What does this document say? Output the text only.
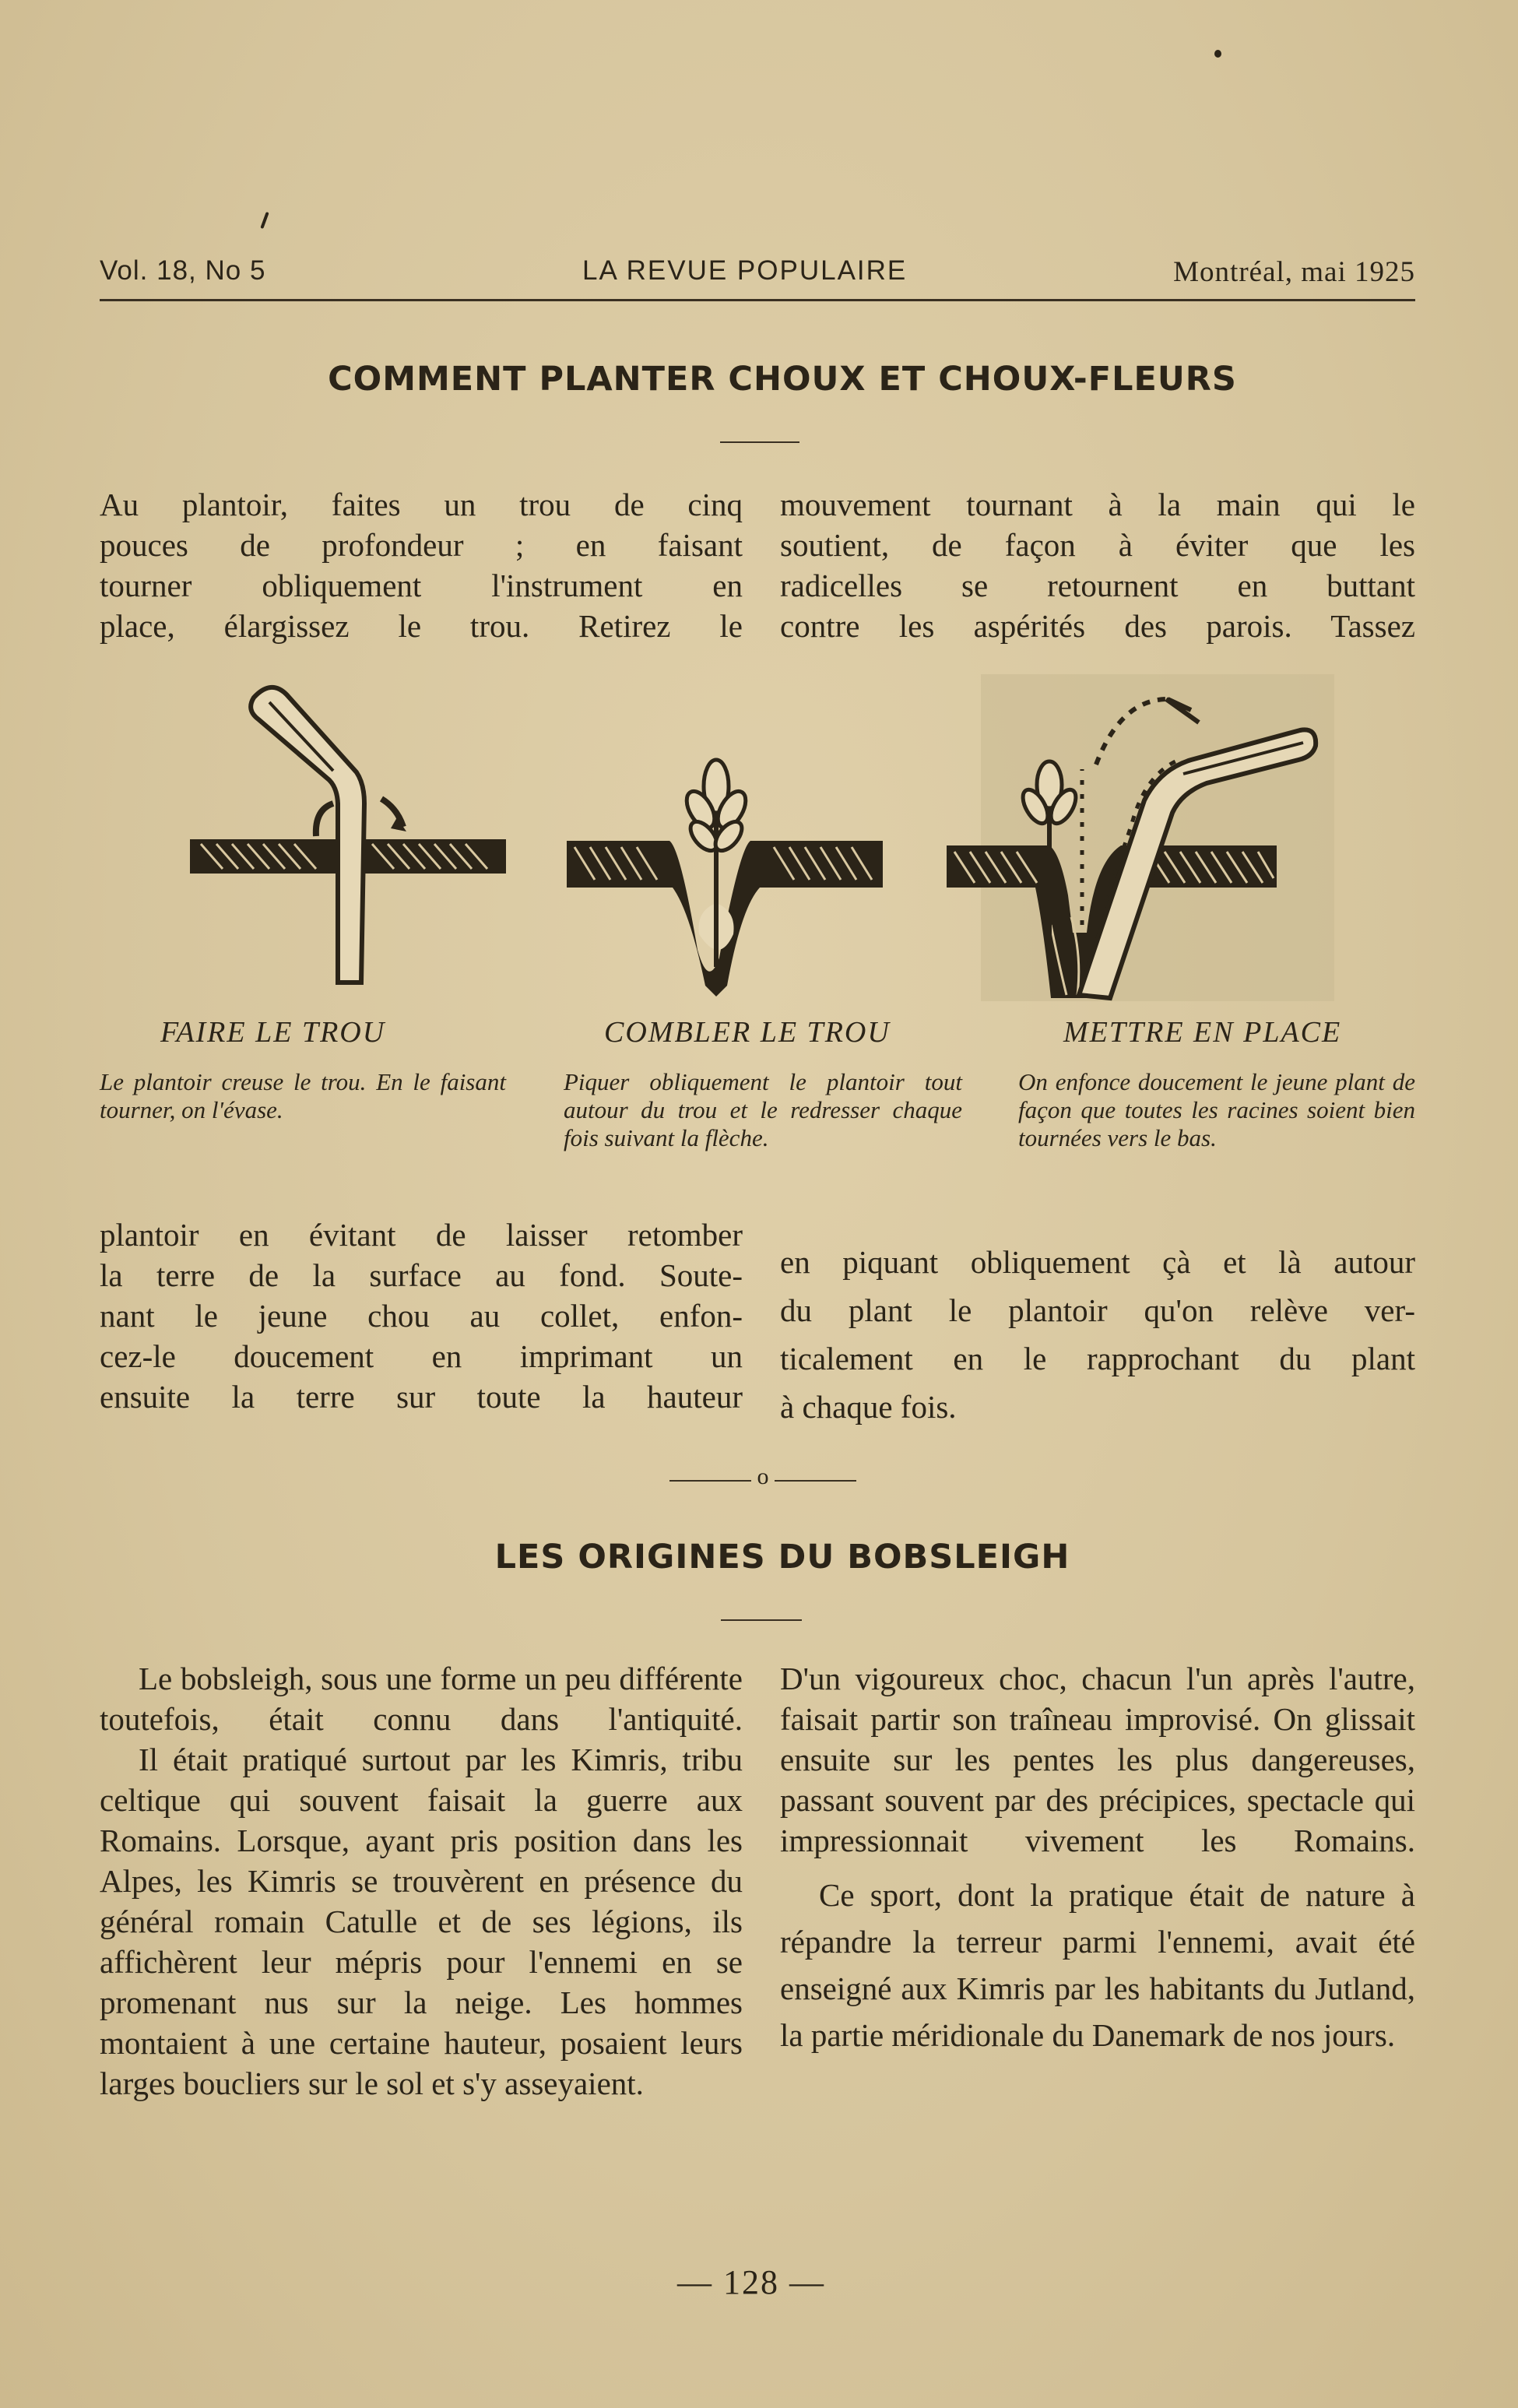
Vol. 18, No 5	LA REVUE POPULAIRE	Montréal, mai 1925
COMMENT PLANTER CHOUX ET CHOUX-FLEURS
Au plantoir, faites un trou de cinq
pouces de profondeur ; en faisant
tourner obliquement l'instrument en
place, élargissez le trou. Retirez le
mouvement tournant à la main qui le
soutient, de façon à éviter que les
radicelles se retournent en buttant
contre les aspérités des parois. Tassez
FAIRE LE TROU	COMBLER LE TROU	METTRE EN PLACE
Le plantoir creuse le trou. En le faisant tourner, on l'évase.
Piquer obliquement le plantoir tout autour du trou et le redresser chaque fois suivant la flèche.
On enfonce doucement le jeune plant de façon que toutes les racines soient bien tournées vers le bas.
plantoir en évitant de laisser retomber
la terre de la surface au fond. Soute-
nant le jeune chou au collet, enfon-
cez-le doucement en imprimant un
ensuite la terre sur toute la hauteur
en piquant obliquement çà et là autour
du plant le plantoir qu'on relève ver-
ticalement en le rapprochant du plant
à chaque fois.
o
LES ORIGINES DU BOBSLEIGH

Le bobsleigh, sous une forme un peu différente toutefois, était connu dans l'antiquité.

Il était pratiqué surtout par les Kimris, tribu celtique qui souvent faisait la guerre aux Romains. Lorsque, ayant pris position dans les Alpes, les Kimris se trouvèrent en présence du général romain Catulle et de ses légions, ils affichèrent leur mépris pour l'ennemi en se promenant nus sur la neige. Les hommes montaient à une certaine hauteur, posaient leurs larges boucliers sur le sol et s'y asseyaient.

D'un vigoureux choc, chacun l'un après l'autre, faisait partir son traîneau improvisé. On glissait ensuite sur les pentes les plus dangereuses, passant souvent par des précipices, spectacle qui impressionnait vivement les Romains.

Ce sport, dont la pratique était de nature à répandre la terreur parmi l'ennemi, avait été enseigné aux Kimris par les habitants du Jutland, la partie méridionale du Danemark de nos jours.

— 128 —
